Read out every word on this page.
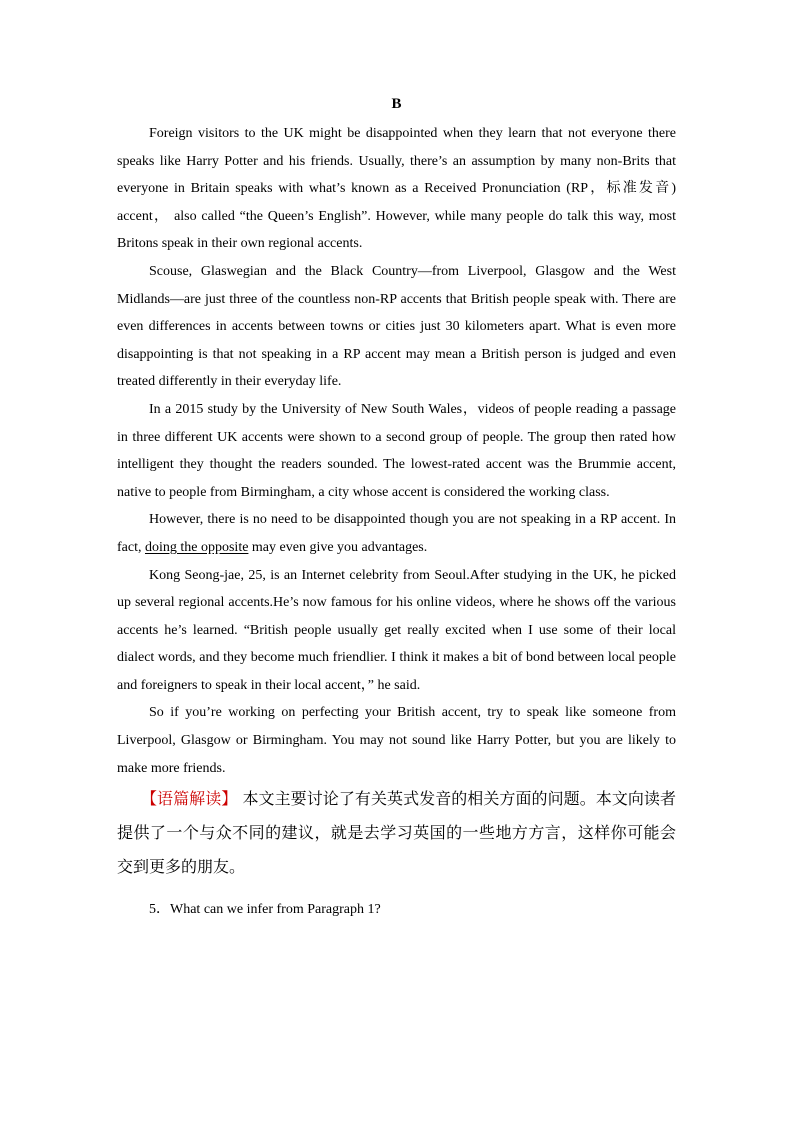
B

Foreign visitors to the UK might be disappointed when they learn that not everyone there speaks like Harry Potter and his friends. Usually, there’s an assumption by many non-Brits that everyone in Britain speaks with what’s known as a Received Pronunciation (RP，标准发音) accent， also called “the Queen’s English”. However, while many people do talk this way, most Britons speak in their own regional accents.

Scouse, Glaswegian and the Black Country—from Liverpool, Glasgow and the West Midlands—are just three of the countless non-RP accents that British people speak with. There are even differences in accents between towns or cities just 30 kilometers apart. What is even more disappointing is that not speaking in a RP accent may mean a British person is judged and even treated differently in their everyday life.

In a 2015 study by the University of New South Wales，videos of people reading a passage in three different UK accents were shown to a second group of people. The group then rated how intelligent they thought the readers sounded. The lowest-rated accent was the Brummie accent, native to people from Birmingham, a city whose accent is considered the working class.

However, there is no need to be disappointed though you are not speaking in a RP accent. In fact, doing the opposite may even give you advantages.

Kong Seong-jae, 25, is an Internet celebrity from Seoul.After studying in the UK, he picked up several regional accents.He’s now famous for his online videos, where he shows off the various accents he’s learned. “British people usually get really excited when I use some of their local dialect words, and they become much friendlier. I think it makes a bit of bond between local people and foreigners to speak in their local accent，” he said.

So if you’re working on perfecting your British accent, try to speak like someone from Liverpool, Glasgow or Birmingham. You may not sound like Harry Potter, but you are likely to make more friends.

【语篇解读】 本文主要讨论了有关英式发音的相关方面的问题。本文向读者提供了一个与众不同的建议，就是去学习英国的一些地方方言，这样你可能会交到更多的朋友。

5．What can we infer from Paragraph 1?
